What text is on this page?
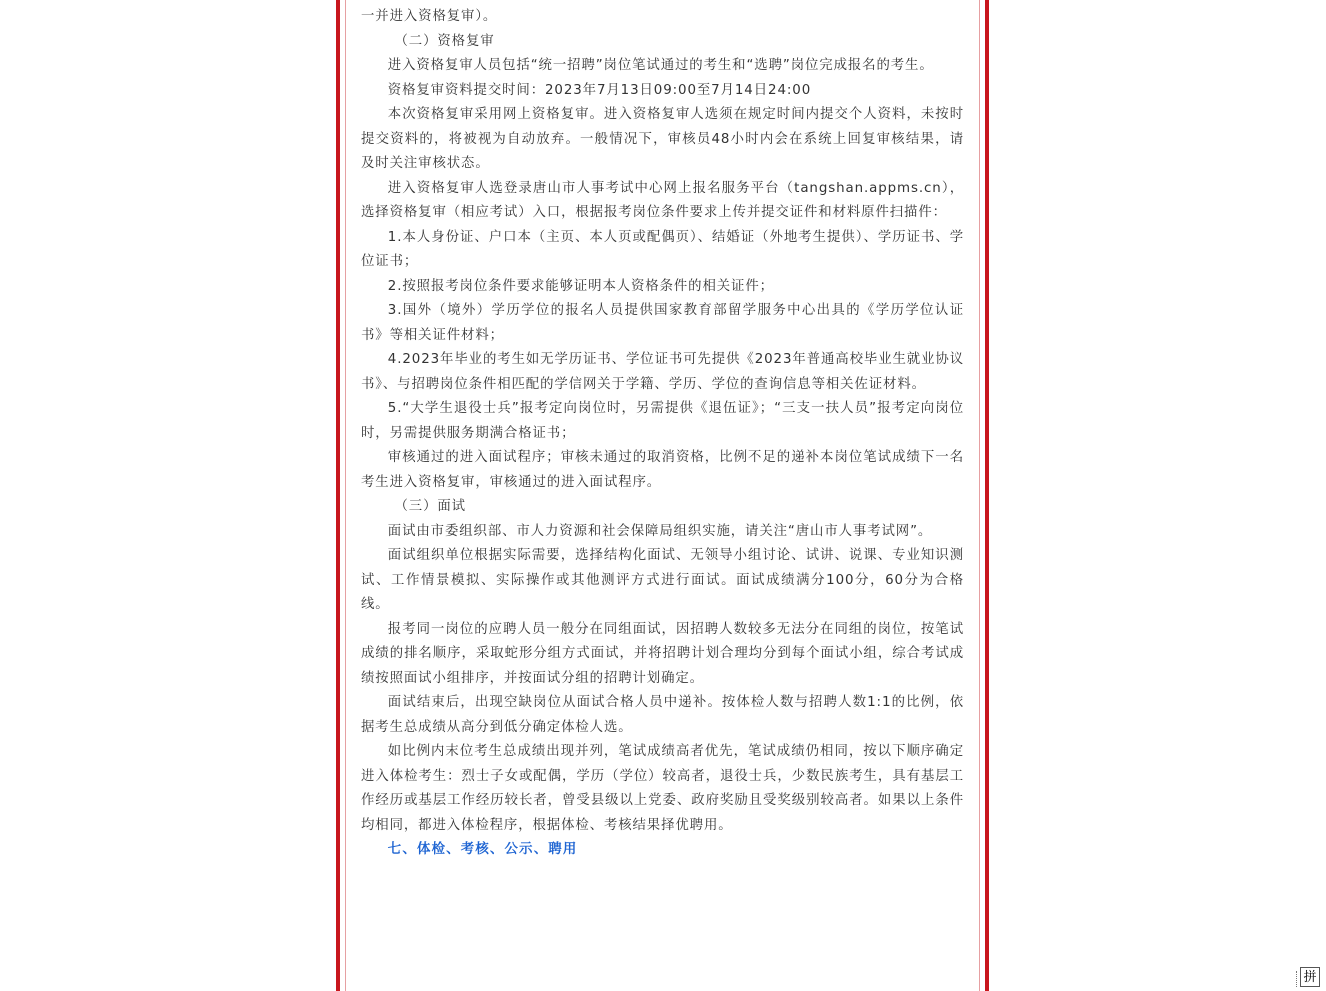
一并进入资格复审）。

（二）资格复审

进入资格复审人员包括“统一招聘”岗位笔试通过的考生和“选聘”岗位完成报名的考生。

资格复审资料提交时间：2023年7月13日09:00至7月14日24:00

本次资格复审采用网上资格复审。进入资格复审人选须在规定时间内提交个人资料，未按时提交资料的，将被视为自动放弃。一般情况下，审核员48小时内会在系统上回复审核结果，请及时关注审核状态。

进入资格复审人选登录唐山市人事考试中心网上报名服务平台（tangshan.appms.cn），选择资格复审（相应考试）入口，根据报考岗位条件要求上传并提交证件和材料原件扫描件：

1.本人身份证、户口本（主页、本人页或配偶页）、结婚证（外地考生提供）、学历证书、学位证书；

2.按照报考岗位条件要求能够证明本人资格条件的相关证件；

3.国外（境外）学历学位的报名人员提供国家教育部留学服务中心出具的《学历学位认证书》等相关证件材料；

4.2023年毕业的考生如无学历证书、学位证书可先提供《2023年普通高校毕业生就业协议书》、与招聘岗位条件相匹配的学信网关于学籍、学历、学位的查询信息等相关佐证材料。

5.“大学生退役士兵”报考定向岗位时，另需提供《退伍证》；“三支一扶人员”报考定向岗位时，另需提供服务期满合格证书；

审核通过的进入面试程序；审核未通过的取消资格，比例不足的递补本岗位笔试成绩下一名考生进入资格复审，审核通过的进入面试程序。

（三）面试

面试由市委组织部、市人力资源和社会保障局组织实施，请关注“唐山市人事考试网”。

面试组织单位根据实际需要，选择结构化面试、无领导小组讨论、试讲、说课、专业知识测试、工作情景模拟、实际操作或其他测评方式进行面试。面试成绩满分100分，60分为合格线。

报考同一岗位的应聘人员一般分在同组面试，因招聘人数较多无法分在同组的岗位，按笔试成绩的排名顺序，采取蛇形分组方式面试，并将招聘计划合理均分到每个面试小组，综合考试成绩按照面试小组排序，并按面试分组的招聘计划确定。

面试结束后，出现空缺岗位从面试合格人员中递补。按体检人数与招聘人数1:1的比例，依据考生总成绩从高分到低分确定体检人选。

如比例内末位考生总成绩出现并列，笔试成绩高者优先，笔试成绩仍相同，按以下顺序确定进入体检考生：烈士子女或配偶，学历（学位）较高者，退役士兵，少数民族考生，具有基层工作经历或基层工作经历较长者，曾受县级以上党委、政府奖励且受奖级别较高者。如果以上条件均相同，都进入体检程序，根据体检、考核结果择优聘用。

七、体检、考核、公示、聘用

拼
